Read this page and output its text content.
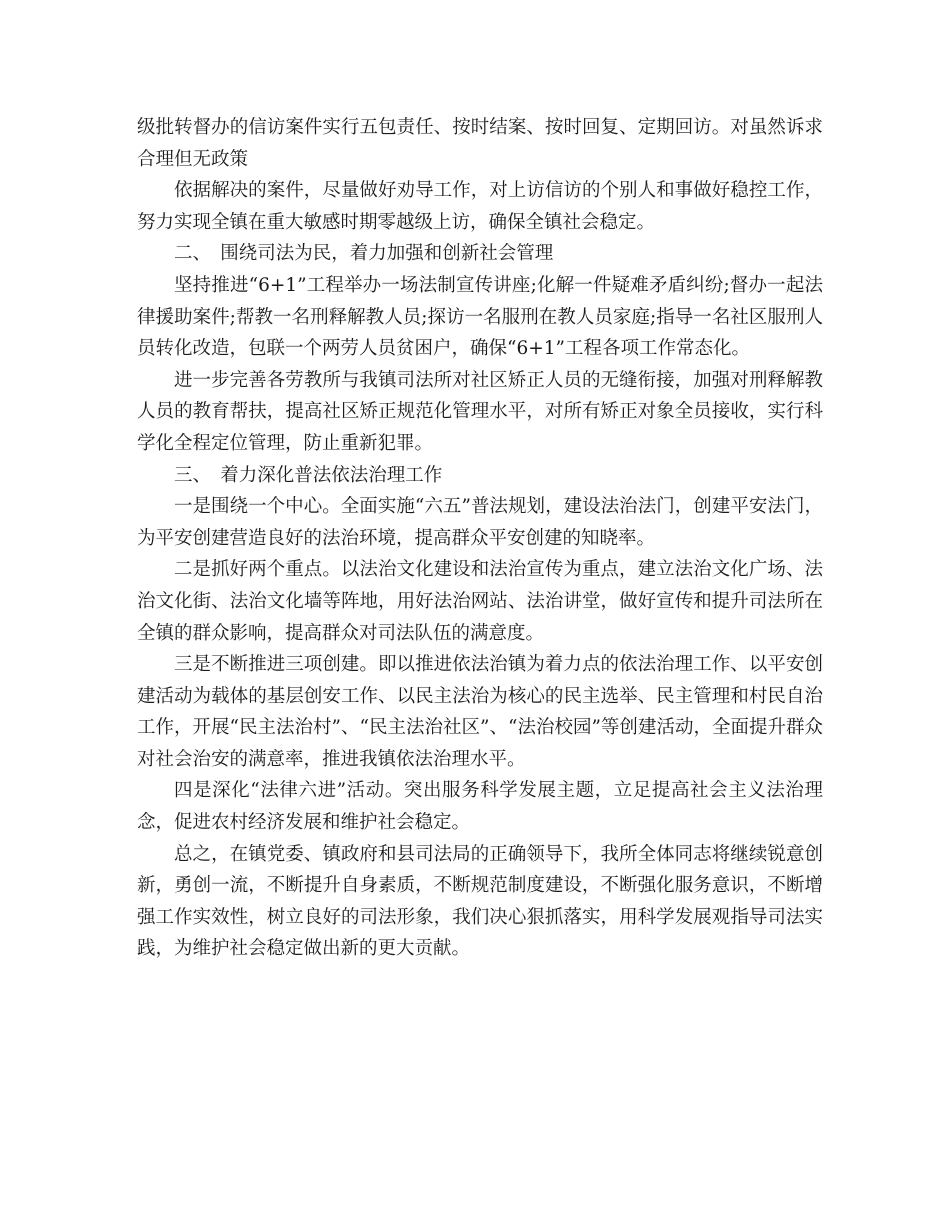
级批转督办的信访案件实行五包责任、按时结案、按时回复、定期回访。对虽然诉求合理但无政策

依据解决的案件，尽量做好劝导工作，对上访信访的个别人和事做好稳控工作，努力实现全镇在重大敏感时期零越级上访，确保全镇社会稳定。

二、　围绕司法为民，着力加强和创新社会管理

坚持推进“6+1”工程举办一场法制宣传讲座;化解一件疑难矛盾纠纷;督办一起法律援助案件;帮教一名刑释解教人员;探访一名服刑在教人员家庭;指导一名社区服刑人员转化改造，包联一个两劳人员贫困户，确保“6+1”工程各项工作常态化。

进一步完善各劳教所与我镇司法所对社区矫正人员的无缝衔接，加强对刑释解教人员的教育帮扶，提高社区矫正规范化管理水平，对所有矫正对象全员接收，实行科学化全程定位管理，防止重新犯罪。

三、　着力深化普法依法治理工作

一是围绕一个中心。全面实施“六五”普法规划，建设法治法门，创建平安法门，为平安创建营造良好的法治环境，提高群众平安创建的知晓率。

二是抓好两个重点。以法治文化建设和法治宣传为重点，建立法治文化广场、法治文化街、法治文化墙等阵地，用好法治网站、法治讲堂，做好宣传和提升司法所在全镇的群众影响，提高群众对司法队伍的满意度。

三是不断推进三项创建。即以推进依法治镇为着力点的依法治理工作、以平安创建活动为载体的基层创安工作、以民主法治为核心的民主选举、民主管理和村民自治工作，开展“民主法治村”、“民主法治社区”、“法治校园”等创建活动，全面提升群众对社会治安的满意率，推进我镇依法治理水平。

四是深化“法律六进”活动。突出服务科学发展主题，立足提高社会主义法治理念，促进农村经济发展和维护社会稳定。

总之，在镇党委、镇政府和县司法局的正确领导下，我所全体同志将继续锐意创新，勇创一流，不断提升自身素质，不断规范制度建设，不断强化服务意识，不断增强工作实效性，树立良好的司法形象，我们决心狠抓落实，用科学发展观指导司法实践，为维护社会稳定做出新的更大贡献。
